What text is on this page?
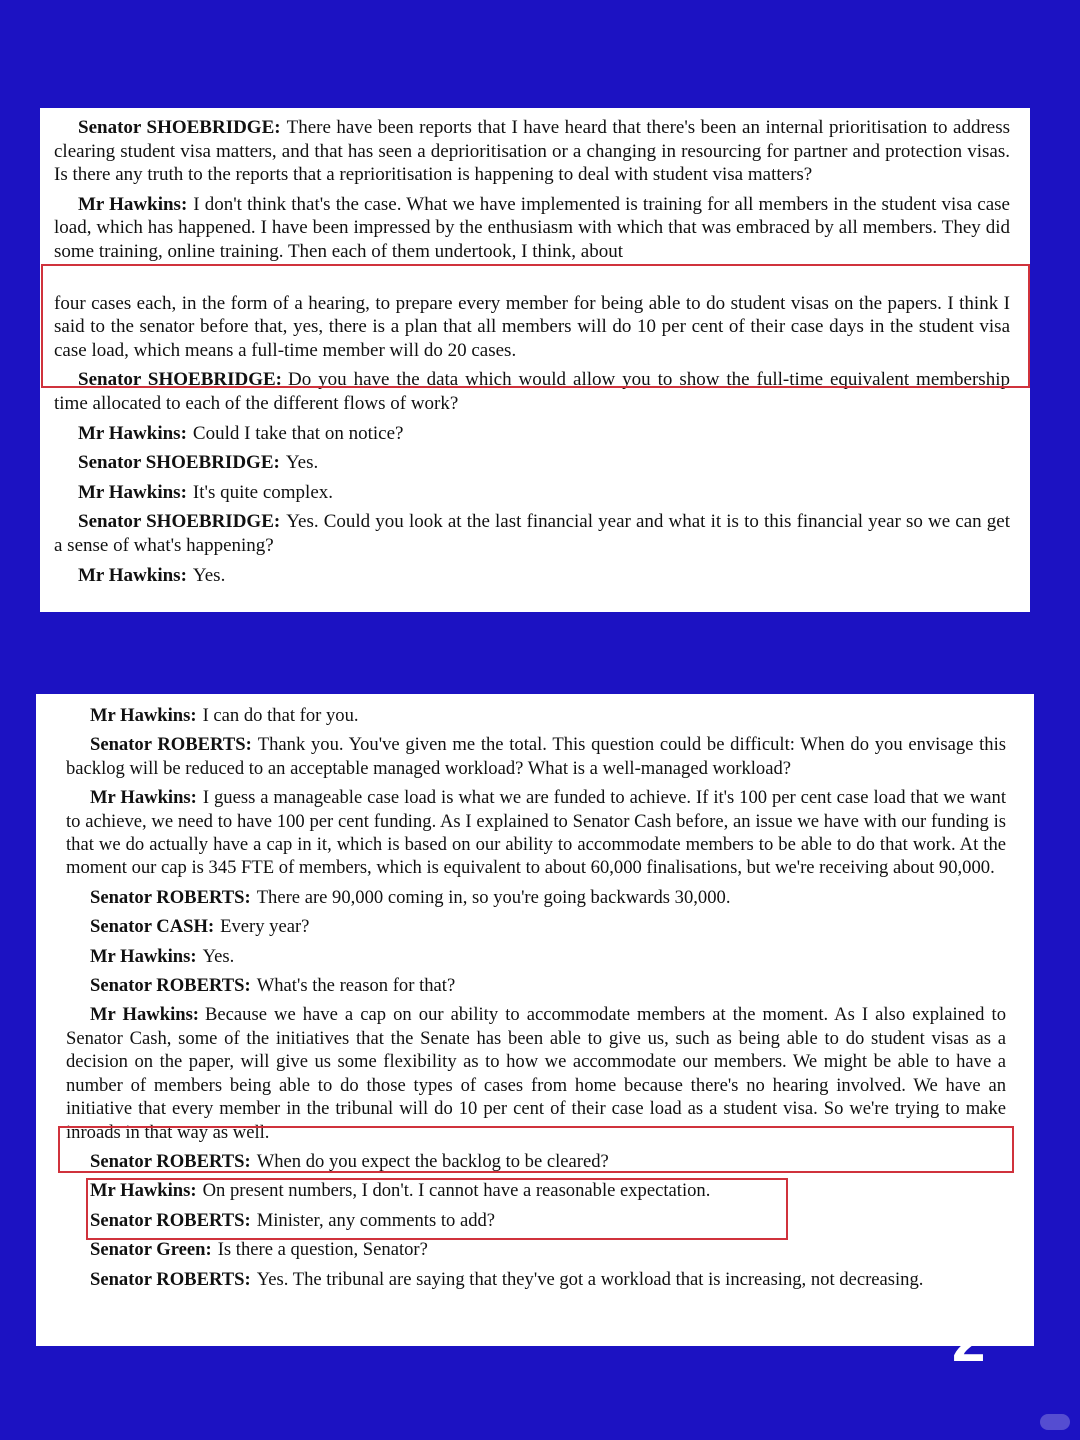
Senator SHOEBRIDGE: There have been reports that I have heard that there's been an internal prioritisation to address clearing student visa matters, and that has seen a deprioritisation or a changing in resourcing for partner and protection visas. Is there any truth to the reports that a reprioritisation is happening to deal with student visa matters?

Mr Hawkins: I don't think that's the case. What we have implemented is training for all members in the student visa case load, which has happened. I have been impressed by the enthusiasm with which that was embraced by all members. They did some training, online training. Then each of them undertook, I think, about

four cases each, in the form of a hearing, to prepare every member for being able to do student visas on the papers. I think I said to the senator before that, yes, there is a plan that all members will do 10 per cent of their case days in the student visa case load, which means a full-time member will do 20 cases.

Senator SHOEBRIDGE: Do you have the data which would allow you to show the full-time equivalent membership time allocated to each of the different flows of work?

Mr Hawkins: Could I take that on notice?

Senator SHOEBRIDGE: Yes.

Mr Hawkins: It's quite complex.

Senator SHOEBRIDGE: Yes. Could you look at the last financial year and what it is to this financial year so we can get a sense of what's happening?

Mr Hawkins: Yes.

Mr Hawkins: I can do that for you.

Senator ROBERTS: Thank you. You've given me the total. This question could be difficult: When do you envisage this backlog will be reduced to an acceptable managed workload? What is a well-managed workload?

Mr Hawkins: I guess a manageable case load is what we are funded to achieve. If it's 100 per cent case load that we want to achieve, we need to have 100 per cent funding. As I explained to Senator Cash before, an issue we have with our funding is that we do actually have a cap in it, which is based on our ability to accommodate members to be able to do that work. At the moment our cap is 345 FTE of members, which is equivalent to about 60,000 finalisations, but we're receiving about 90,000.

Senator ROBERTS: There are 90,000 coming in, so you're going backwards 30,000.

Senator CASH: Every year?

Mr Hawkins: Yes.

Senator ROBERTS: What's the reason for that?

Mr Hawkins: Because we have a cap on our ability to accommodate members at the moment. As I also explained to Senator Cash, some of the initiatives that the Senate has been able to give us, such as being able to do student visas as a decision on the paper, will give us some flexibility as to how we accommodate our members. We might be able to have a number of members being able to do those types of cases from home because there's no hearing involved. We have an initiative that every member in the tribunal will do 10 per cent of their case load as a student visa. So we're trying to make inroads in that way as well.

Senator ROBERTS: When do you expect the backlog to be cleared?

Mr Hawkins: On present numbers, I don't. I cannot have a reasonable expectation.

Senator ROBERTS: Minister, any comments to add?

Senator Green: Is there a question, Senator?

Senator ROBERTS: Yes. The tribunal are saying that they've got a workload that is increasing, not decreasing.

2
